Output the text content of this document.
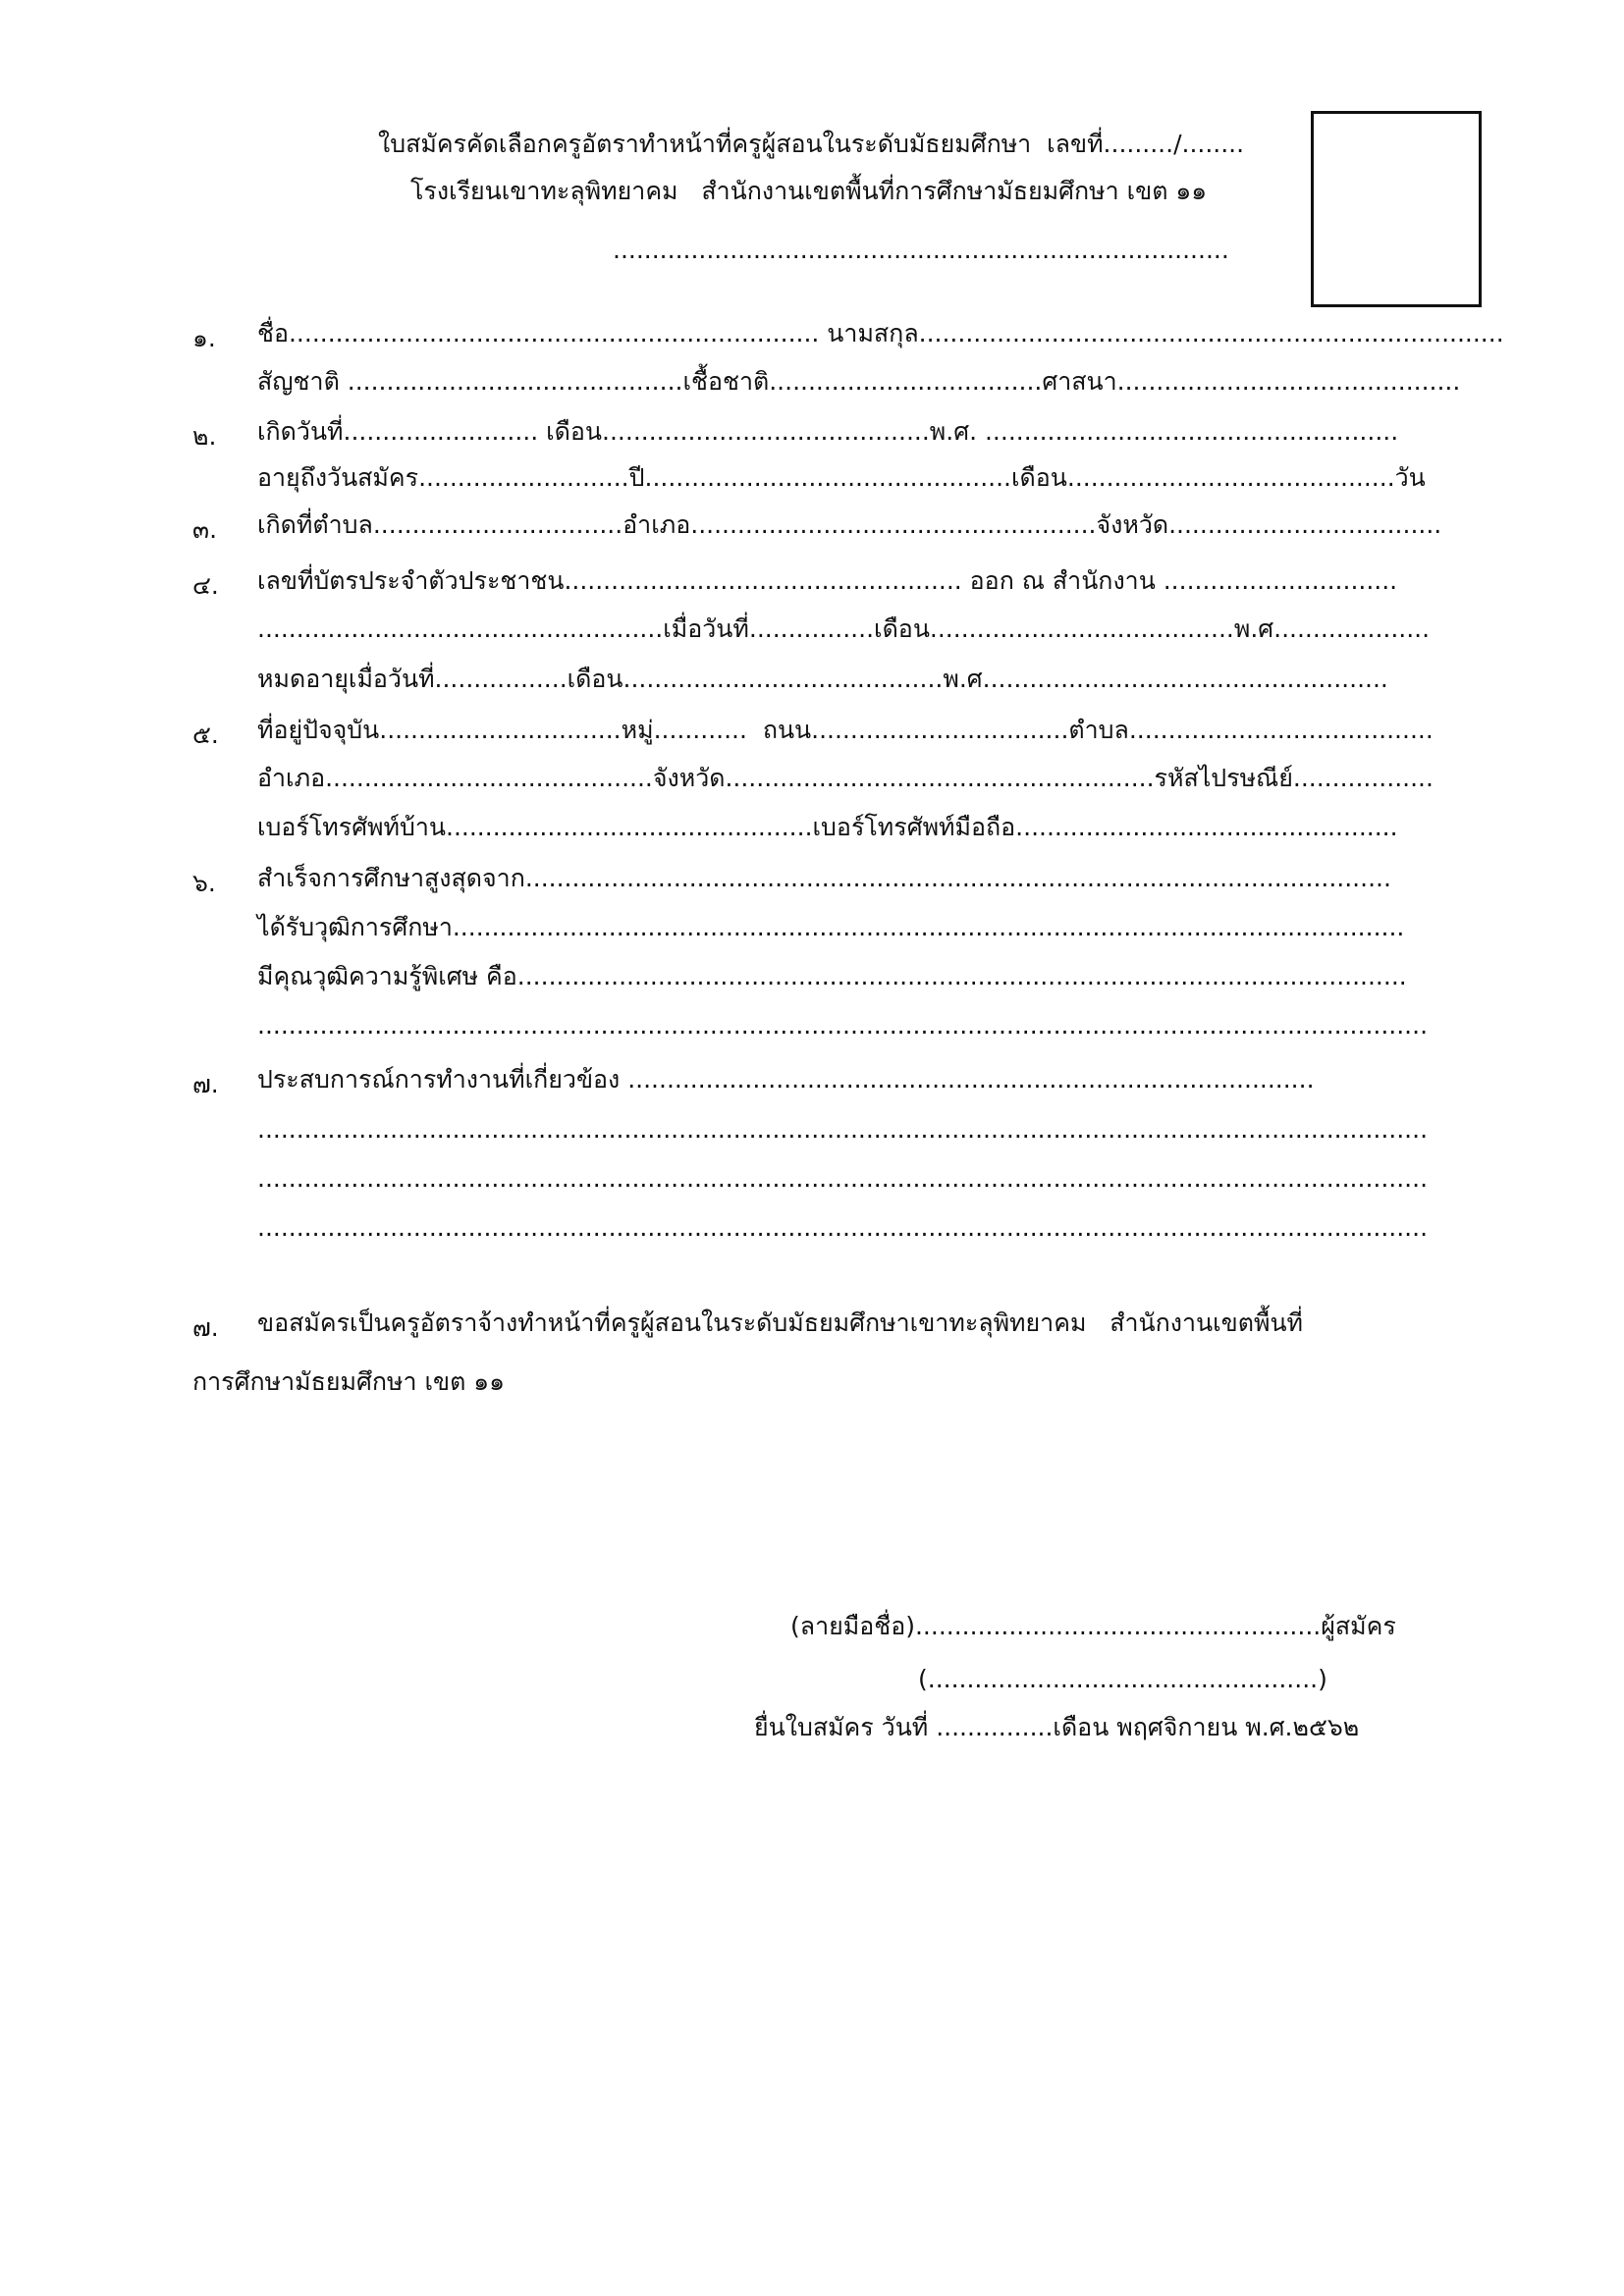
ใบสมัครคัดเลือกครูอัตราทำหน้าที่ครูผู้สอนในระดับมัธยมศึกษา  เลขที่........./........
โรงเรียนเขาทะลุพิทยาคม   สำนักงานเขตพื้นที่การศึกษามัธยมศึกษา เขต ๑๑
...............................................................................
๑. ชื่อ.................................................................... นามสกุล...........................................................................
สัญชาติ ...........................................เชื้อชาติ...................................ศาสนา............................................
๒. เกิดวันที่......................... เดือน..........................................พ.ศ. .....................................................
อายุถึงวันสมัคร...........................ปี...............................................เดือน..........................................วัน
๓. เกิดที่ตำบล................................อำเภอ....................................................จังหวัด...................................
๔. เลขที่บัตรประจำตัวประชาชน................................................... ออก ณ สำนักงาน ..............................
....................................................เมื่อวันที่................เดือน.......................................พ.ศ....................
หมดอายุเมื่อวันที่.................เดือน.........................................พ.ศ....................................................
๕. ที่อยู่ปัจจุบัน...............................หมู่............  ถนน.................................ตำบล.......................................
อำเภอ..........................................จังหวัด.......................................................รหัสไปรษณีย์..................
เบอร์โทรศัพท์บ้าน...............................................เบอร์โทรศัพท์มือถือ.................................................
๖. สำเร็จการศึกษาสูงสุดจาก...............................................................................................................
ได้รับวุฒิการศึกษา..........................................................................................................................
มีคุณวุฒิความรู้พิเศษ คือ..................................................................................................................
......................................................................................................................................................
๗. ประสบการณ์การทำงานที่เกี่ยวข้อง ........................................................................................
......................................................................................................................................................
......................................................................................................................................................
......................................................................................................................................................
๗. ขอสมัครเป็นครูอัตราจ้างทำหน้าที่ครูผู้สอนในระดับมัธยมศึกษาเขาทะลุพิทยาคม   สำนักงานเขตพื้นที่
การศึกษามัธยมศึกษา เขต ๑๑
(ลายมือชื่อ)....................................................ผู้สมัคร
(..................................................)
ยื่นใบสมัคร วันที่ ...............เดือน พฤศจิกายน พ.ศ.๒๕๖๒
